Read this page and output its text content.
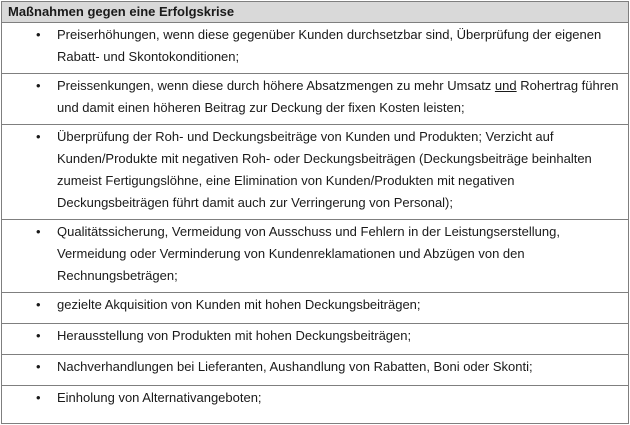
Maßnahmen gegen eine Erfolgskrise

• Preiserhöhungen, wenn diese gegenüber Kunden durchsetzbar sind, Überprüfung der eigenen Rabatt- und Skontokonditionen;

• Preissenkungen, wenn diese durch höhere Absatzmengen zu mehr Umsatz und Rohertrag führen und damit einen höheren Beitrag zur Deckung der fixen Kosten leisten;

• Überprüfung der Roh- und Deckungsbeiträge von Kunden und Produkten; Verzicht auf Kunden/Produkte mit negativen Roh- oder Deckungsbeiträgen (Deckungsbeiträge beinhalten zumeist Fertigungslöhne, eine Elimination von Kunden/Produkten mit negativen Deckungsbeiträgen führt damit auch zur Verringerung von Personal);

• Qualitätssicherung, Vermeidung von Ausschuss und Fehlern in der Leistungserstellung, Vermeidung oder Verminderung von Kundenreklamationen und Abzügen von den Rechnungsbeträgen;

• gezielte Akquisition von Kunden mit hohen Deckungsbeiträgen;

• Herausstellung von Produkten mit hohen Deckungsbeiträgen;

• Nachverhandlungen bei Lieferanten, Aushandlung von Rabatten, Boni oder Skonti;

• Einholung von Alternativangeboten;
